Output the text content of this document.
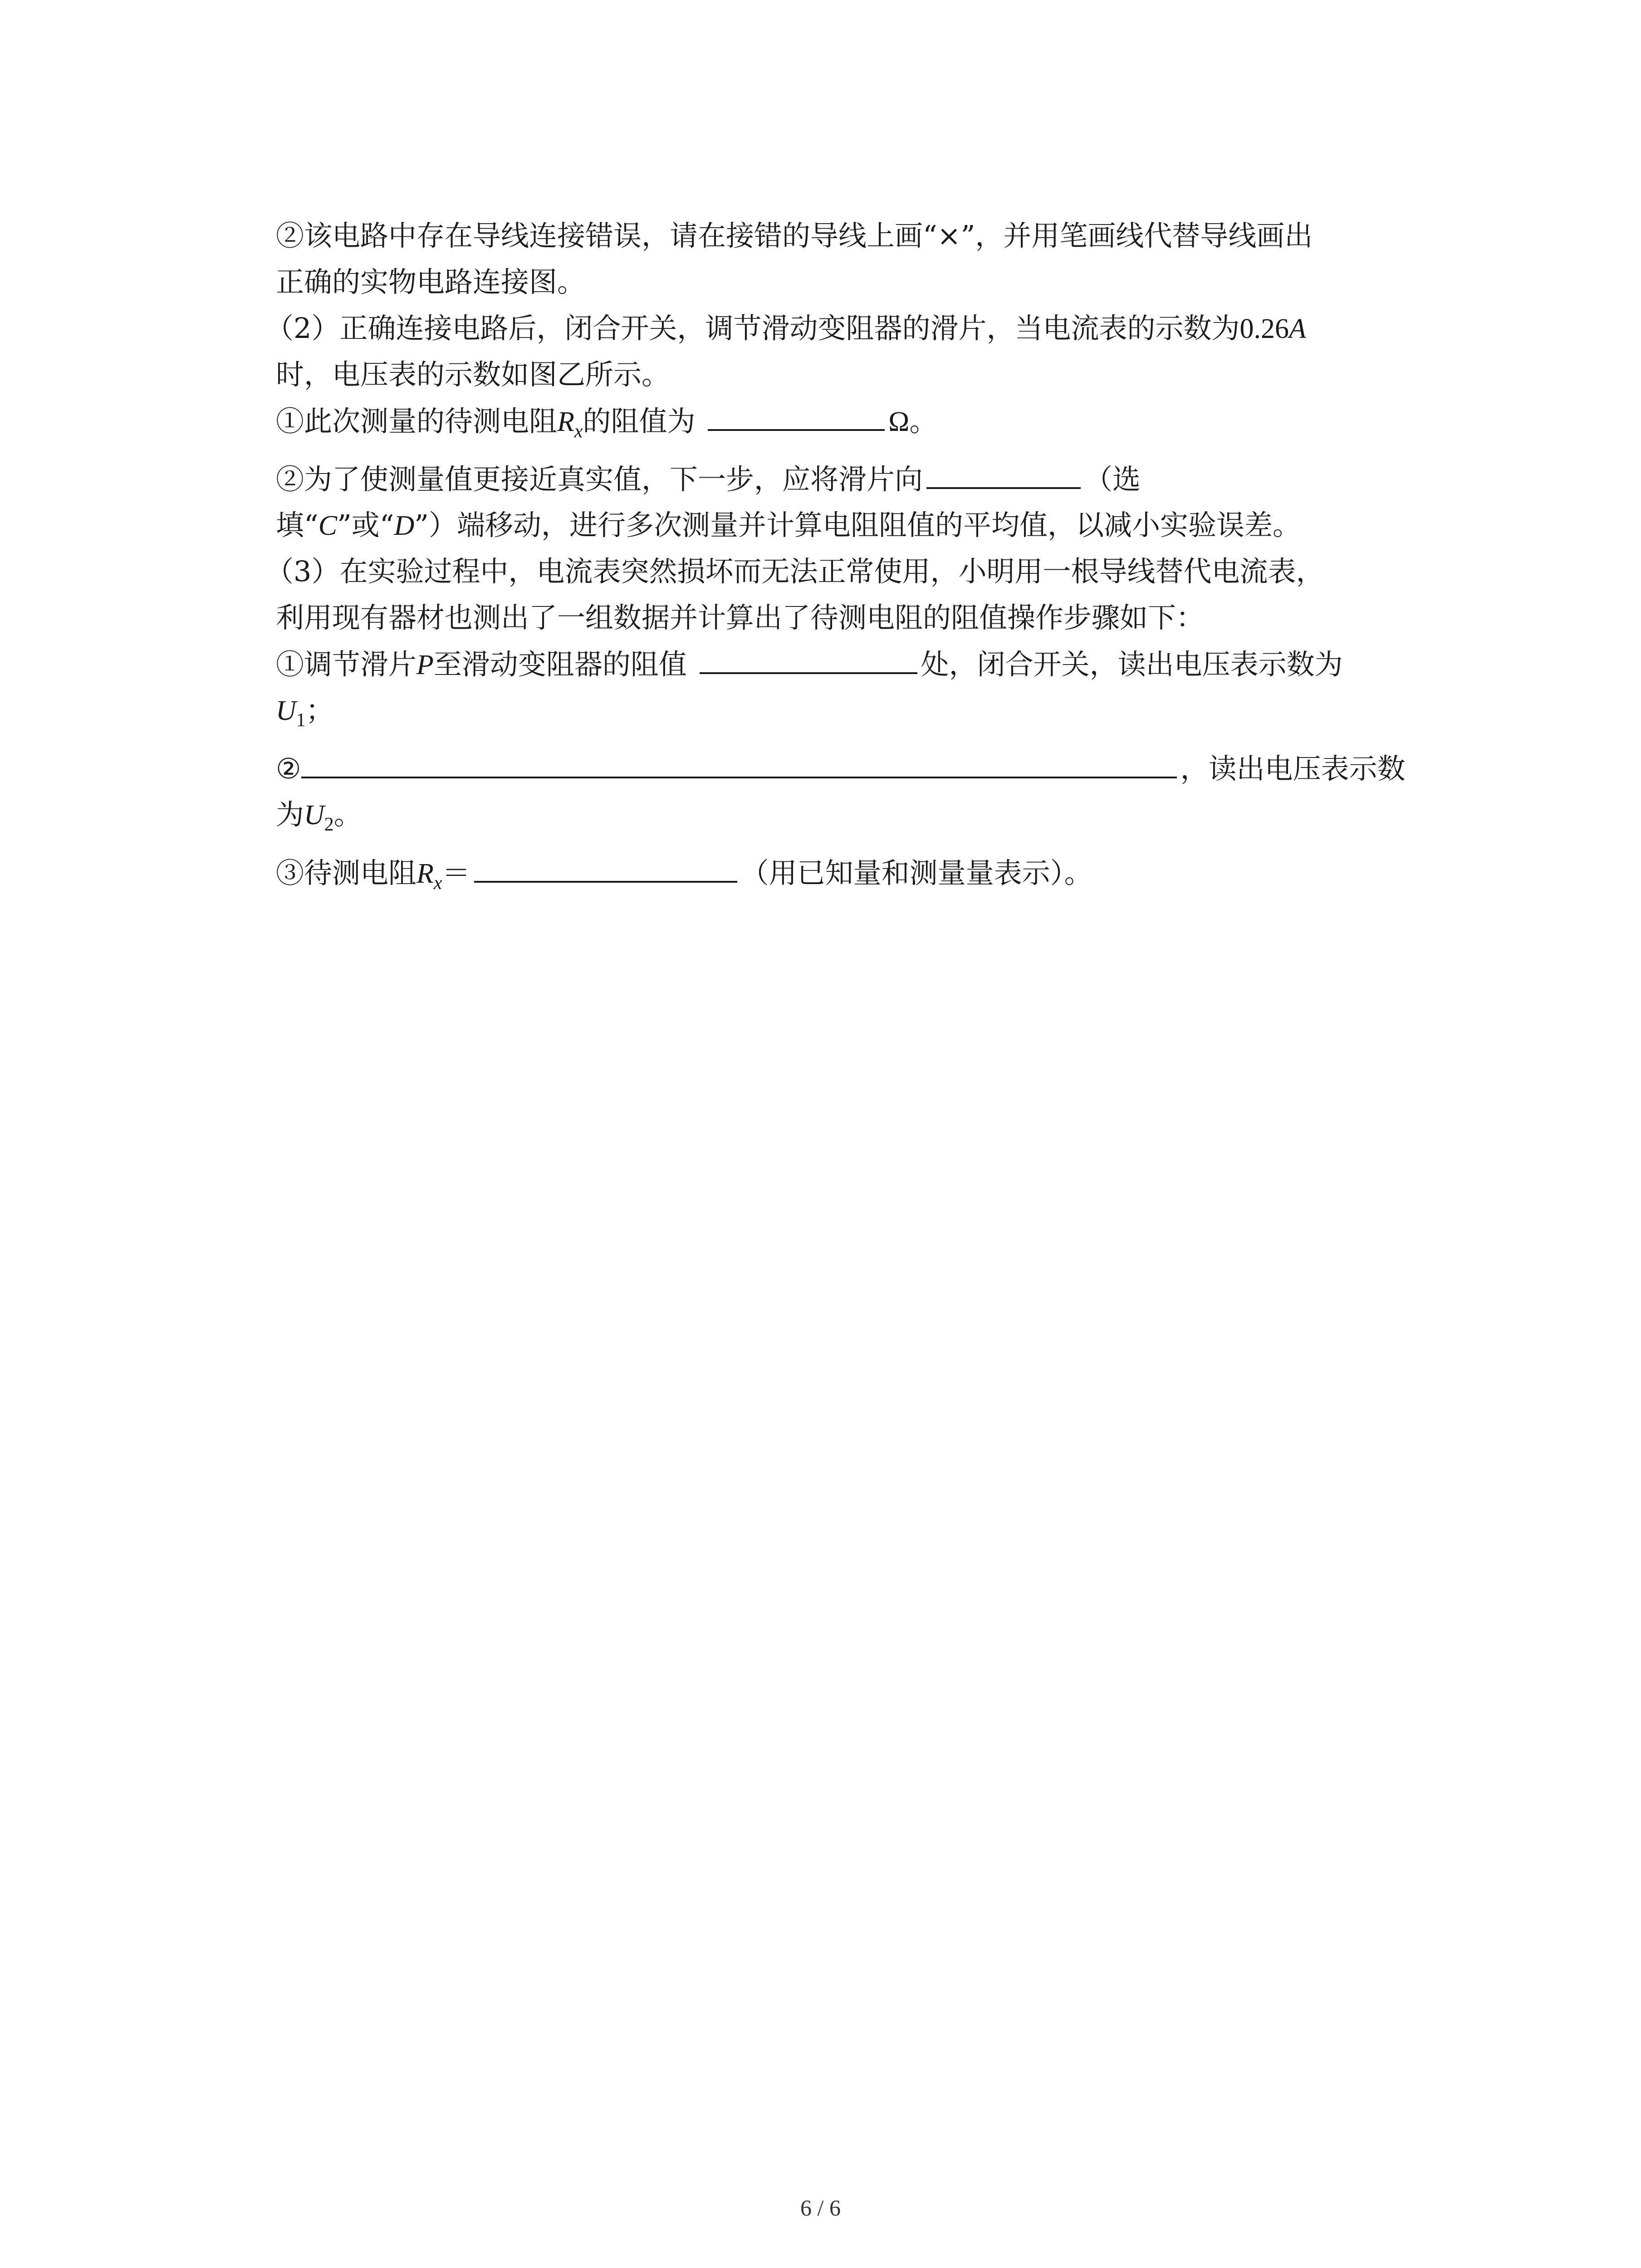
②该电路中存在导线连接错误，请在接错的导线上画“×”，并用笔画线代替导线画出
正确的实物电路连接图。
（2）正确连接电路后，闭合开关，调节滑动变阻器的滑片，当电流表的示数为0.26A
时，电压表的示数如图乙所示。
①此次测量的待测电阻$R_x$的阻值为	Ω。
②为了使测量值更接近真实值，下一步，应将滑片向	（选
填“C”或“D”）端移动，进行多次测量并计算电阻阻值的平均值，以减小实验误差。
（3）在实验过程中，电流表突然损坏而无法正常使用，小明用一根导线替代电流表，
利用现有器材也测出了一组数据并计算出了待测电阻的阻值操作步骤如下：
①调节滑片P至滑动变阻器的阻值	处，闭合开关，读出电压表示数为
$U_1$；
②	，读出电压表示数
为$U_2$。
③待测电阻$R_x=$	（用已知量和测量量表示）。
6 / 6
